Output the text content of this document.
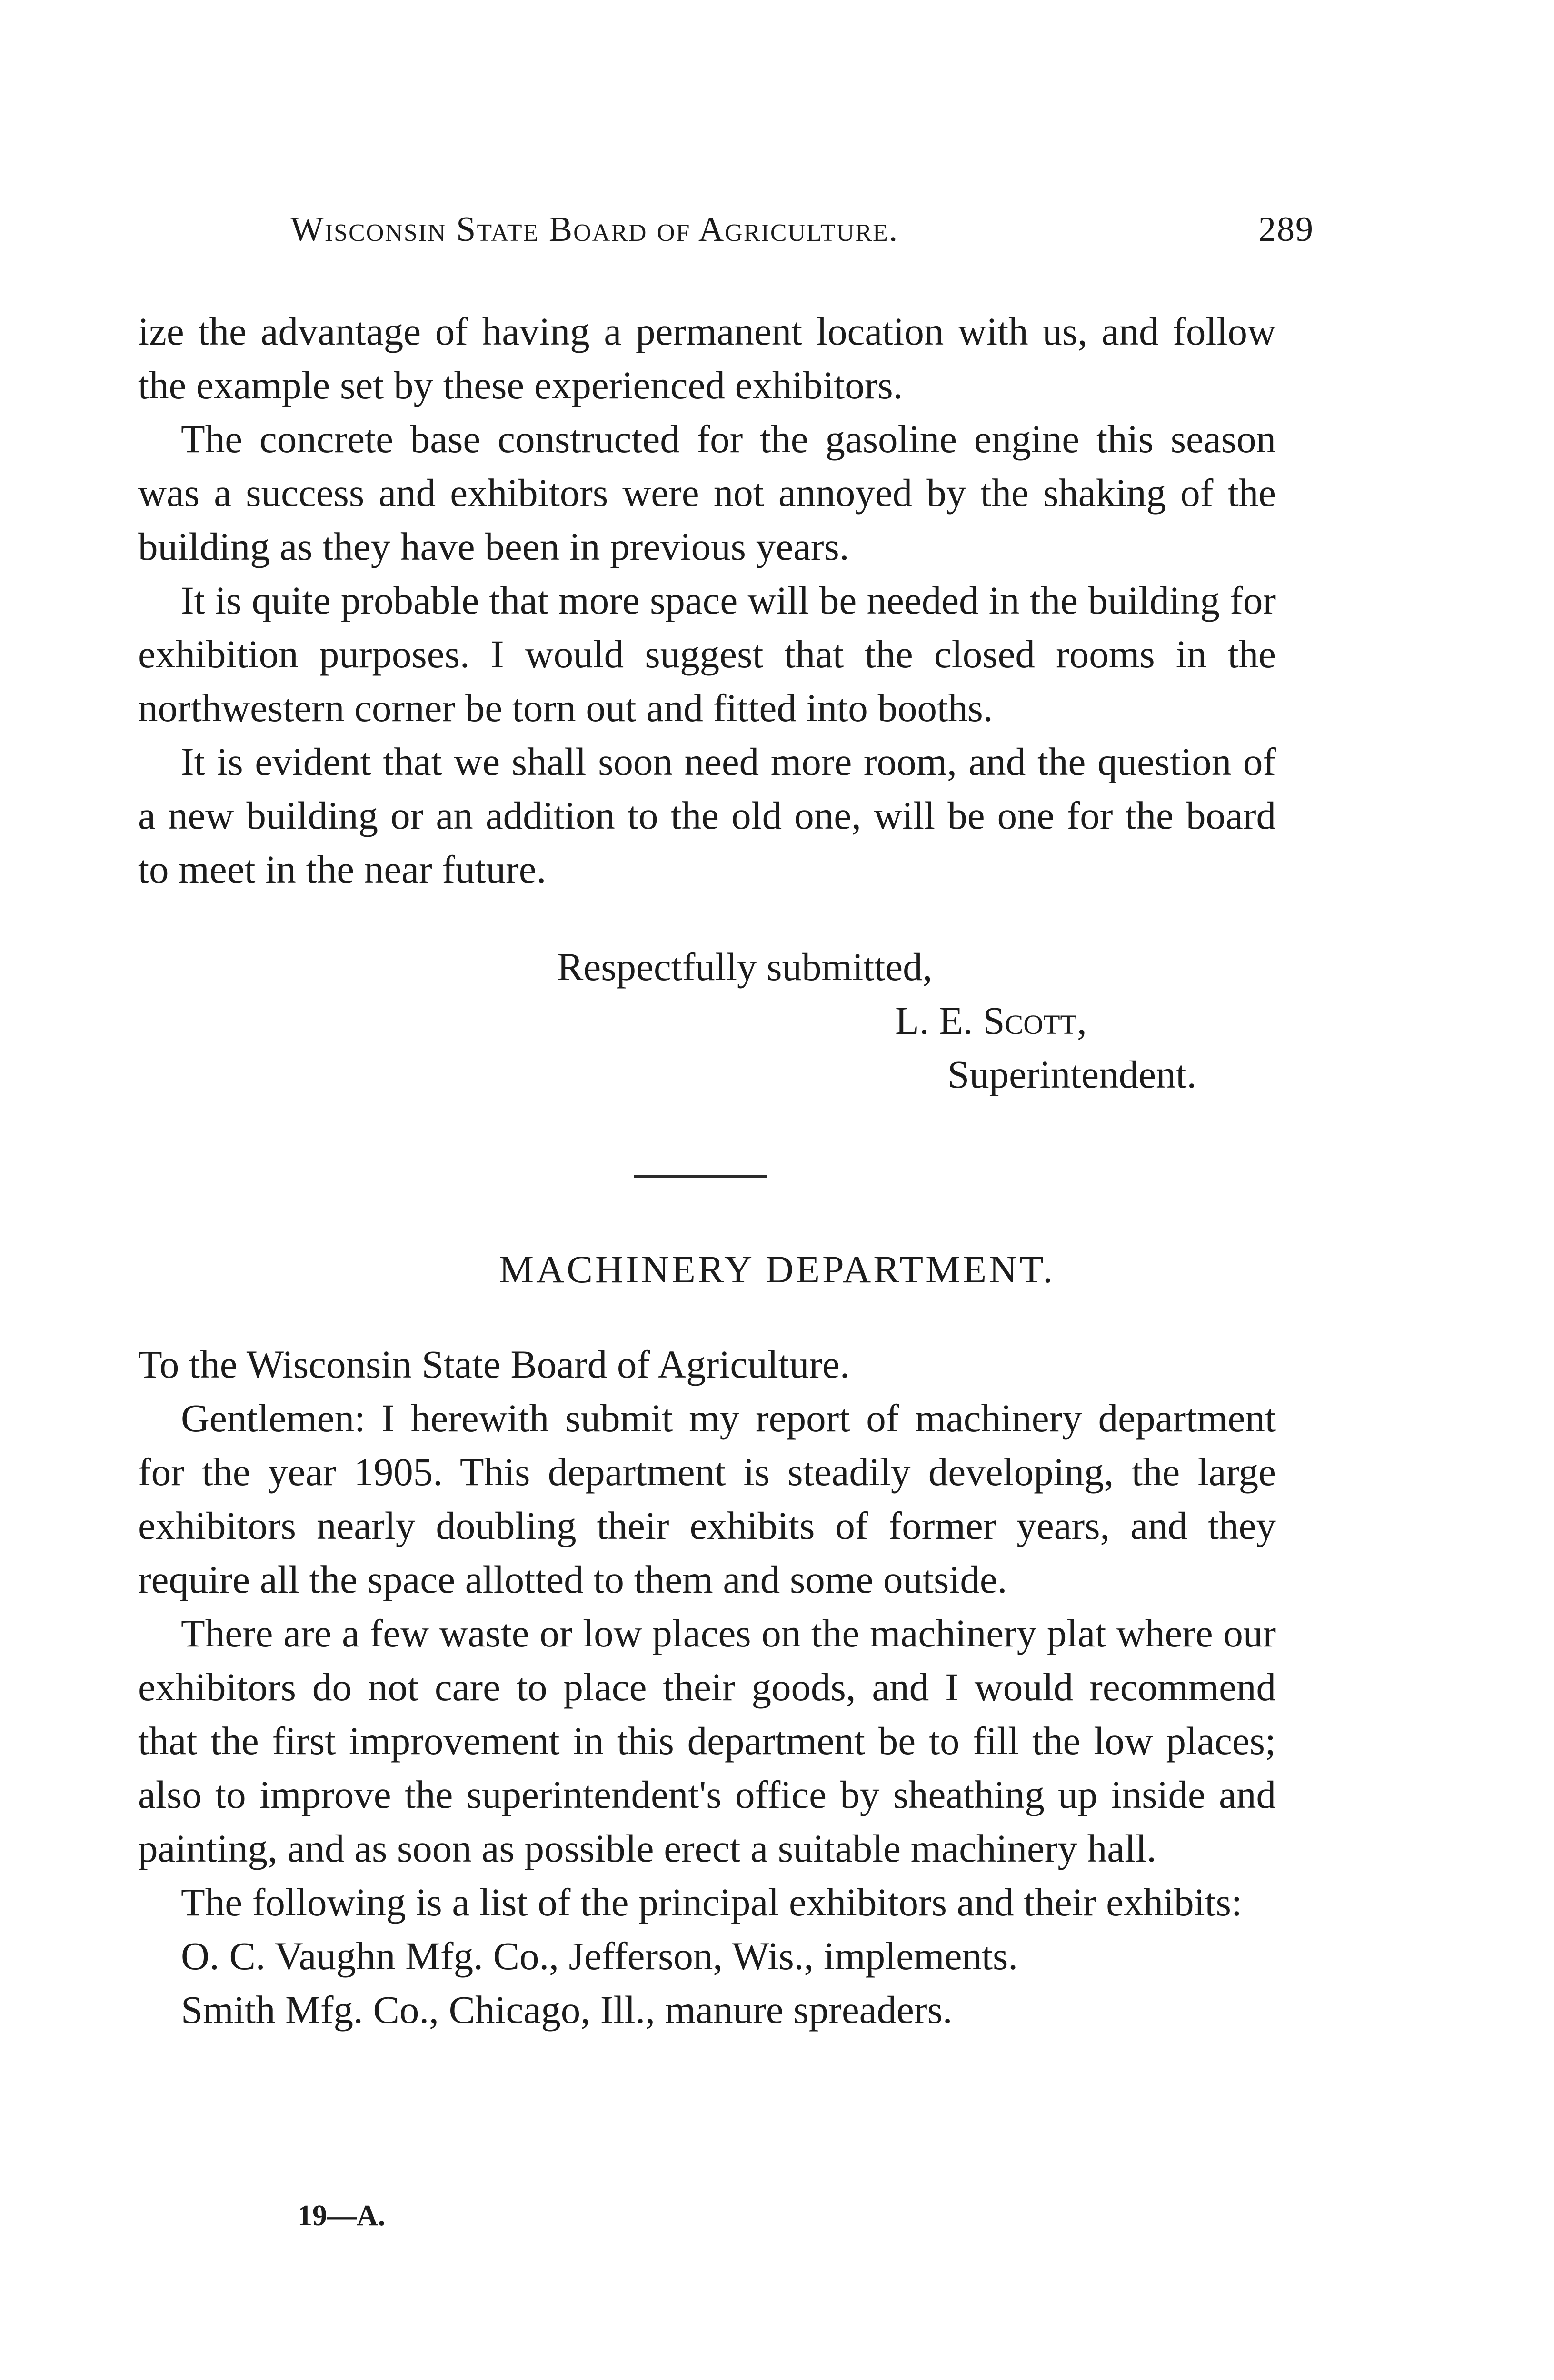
Wisconsin State Board of Agriculture.	289

ize the advantage of having a permanent location with us, and follow the example set by these experienced exhibitors.

The concrete base constructed for the gasoline engine this season was a success and exhibitors were not annoyed by the shaking of the building as they have been in previous years.

It is quite probable that more space will be needed in the building for exhibition purposes. I would suggest that the closed rooms in the northwestern corner be torn out and fitted into booths.

It is evident that we shall soon need more room, and the question of a new building or an addition to the old one, will be one for the board to meet in the near future.

Respectfully submitted,
L. E. Scott,
Superintendent.
MACHINERY DEPARTMENT.

To the Wisconsin State Board of Agriculture.

Gentlemen: I herewith submit my report of machinery department for the year 1905. This department is steadily developing, the large exhibitors nearly doubling their exhibits of former years, and they require all the space allotted to them and some outside.

There are a few waste or low places on the machinery plat where our exhibitors do not care to place their goods, and I would recommend that the first improvement in this department be to fill the low places; also to improve the superintendent's office by sheathing up inside and painting, and as soon as possible erect a suitable machinery hall.

The following is a list of the principal exhibitors and their exhibits:

O. C. Vaughn Mfg. Co., Jefferson, Wis., implements.

Smith Mfg. Co., Chicago, Ill., manure spreaders.

19—A.
